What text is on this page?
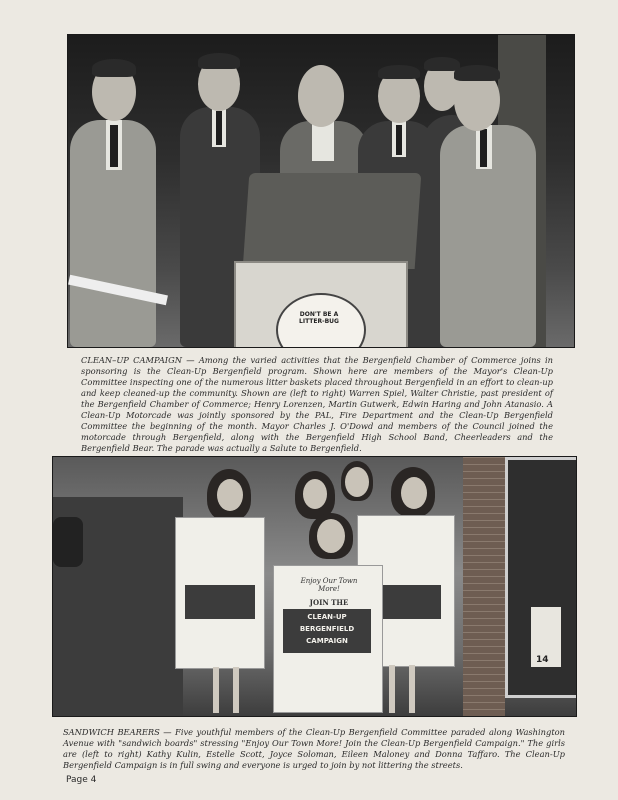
DON'T BE A LITTER-BUG

CLEAN–UP CAMPAIGN — Among the varied activities that the Bergenfield Chamber of Commerce joins in sponsoring is the Clean-Up Bergenfield program. Shown here are members of the Mayor's Clean-Up Committee inspecting one of the numerous litter baskets placed throughout Bergenfield in an effort to clean-up and keep cleaned-up the community. Shown are (left to right) Warren Spiel, Walter Christie, past president of the Bergenfield Chamber of Commerce; Henry Lorenzen, Martin Gutwerk, Edwin Haring and John Atanasio. A Clean-Up Motorcade was jointly sponsored by the PAL, Fire Department and the Clean-Up Bergenfield Committee the beginning of the month. Mayor Charles J. O'Dowd and members of the Council joined the motorcade through Bergenfield, along with the Bergenfield High School Band, Cheerleaders and the Bergenfield Bear. The parade was actually a Salute to Bergenfield.

14
Enjoy Our Town More!
JOIN THE
CLEAN-UP
BERGENFIELD
CAMPAIGN

SANDWICH BEARERS — Five youthful members of the Clean-Up Bergenfield Committee paraded along Washington Avenue with "sandwich boards" stressing "Enjoy Our Town More! Join the Clean-Up Bergenfield Campaign." The girls are (left to right) Kathy Kulin, Estelle Scott, Joyce Soloman, Eileen Maloney and Donna Taffaro. The Clean-Up Bergenfield Campaign is in full swing and everyone is urged to join by not littering the streets.

Page 4
